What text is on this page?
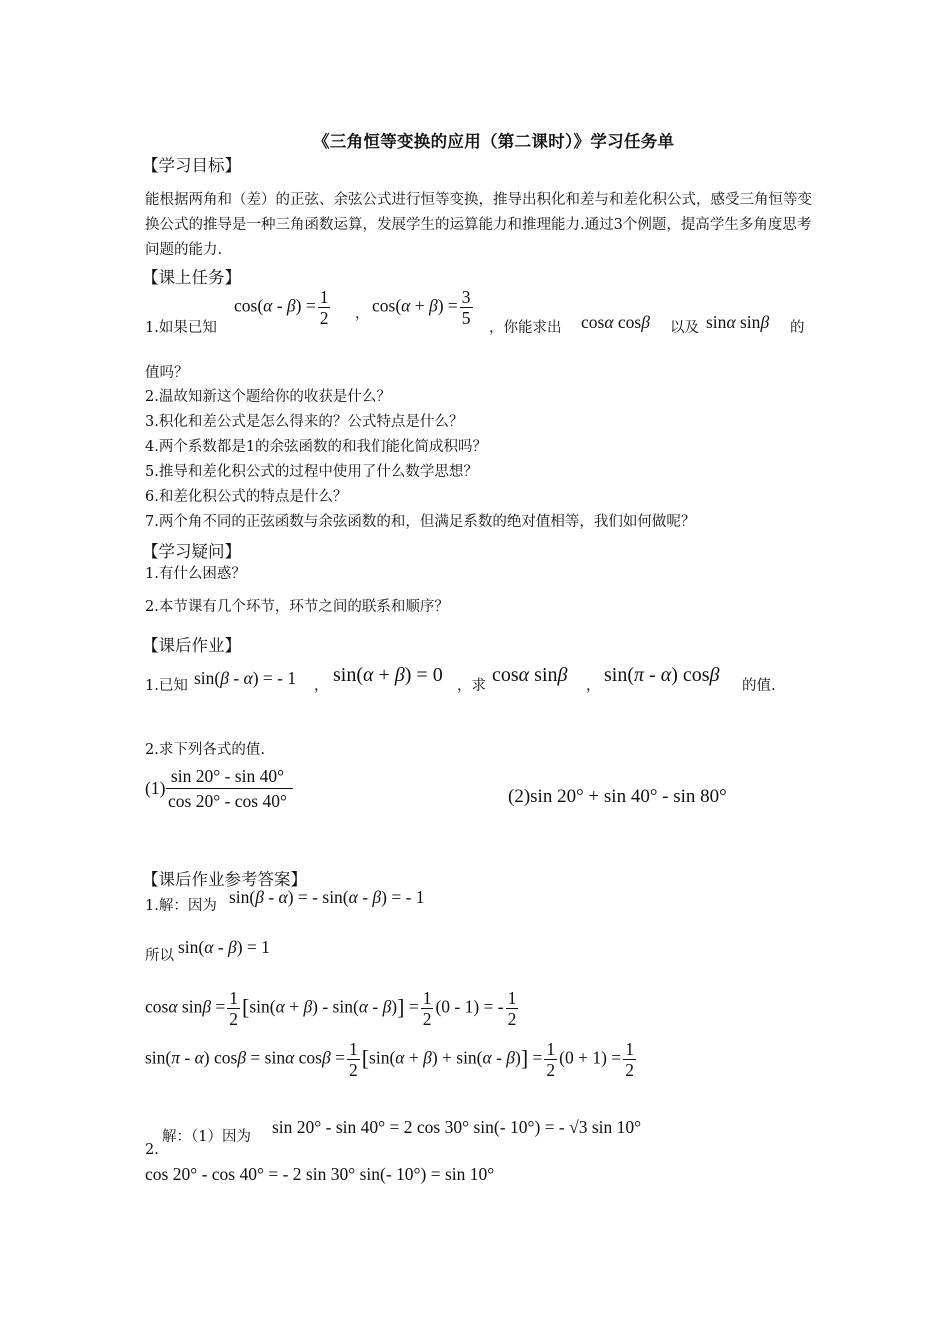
《三角恒等变换的应用（第二课时）》学习任务单
【学习目标】
能根据两角和（差）的正弦、余弦公式进行恒等变换，推导出积化和差与和差化积公式，感受三角恒等变换公式的推导是一种三角函数运算，发展学生的运算能力和推理能力.通过3个例题，提高学生多角度思考问题的能力.
【课上任务】
1.如果已知
$\cos(\alpha - \beta) = \frac{1}{2}$ ， $\cos(\alpha + \beta) = \frac{3}{5}$ ，你能求出 cosα cosβ 以及 sinα sinβ 的
值吗？
2.温故知新这个题给你的收获是什么？
3.积化和差公式是怎么得来的？公式特点是什么？
4.两个系数都是1的余弦函数的和我们能化简成积吗？
5.推导和差化积公式的过程中使用了什么数学思想？
6.和差化积公式的特点是什么？
7.两个角不同的正弦函数与余弦函数的和，但满足系数的绝对值相等，我们如何做呢？
【学习疑问】
1.有什么困惑？
2.本节课有几个环节，环节之间的联系和顺序？
【课后作业】
1.已知 sin(β - α) = - 1 ， sin(α + β) = 0 ，求 cosα sinβ ， sin(π - α) cosβ 的值.
2.求下列各式的值.
$(1) \frac{\sin 20^\circ - \sin 40^\circ}{\cos 20^\circ - \cos 40^\circ}$	(2)sin 20° + sin 40° - sin 80°
【课后作业参考答案】
1.解：因为 sin(β - α) = - sin(α - β) = - 1
所以 sin(α - β) = 1
cosα $\sin\beta = \frac{1}{2} [\sin(\alpha + \beta) - \sin(\alpha - \beta)] = \frac{1}{2} (0 - 1)$ = - $\frac{1}{2}$
sin(π - α) cosβ = sinα $\cos\beta = \frac{1}{2} [\sin(\alpha + \beta) + \sin(\alpha - \beta)] = \frac{1}{2} (0 + 1) = \frac{1}{2}$
2.
解：（1）因为 sin 20° - sin 40° = 2 cos 30° sin(- 10°) = - √3 sin 10°
cos 20° - cos 40° = - 2 sin 30° sin(- 10°) = sin 10°
